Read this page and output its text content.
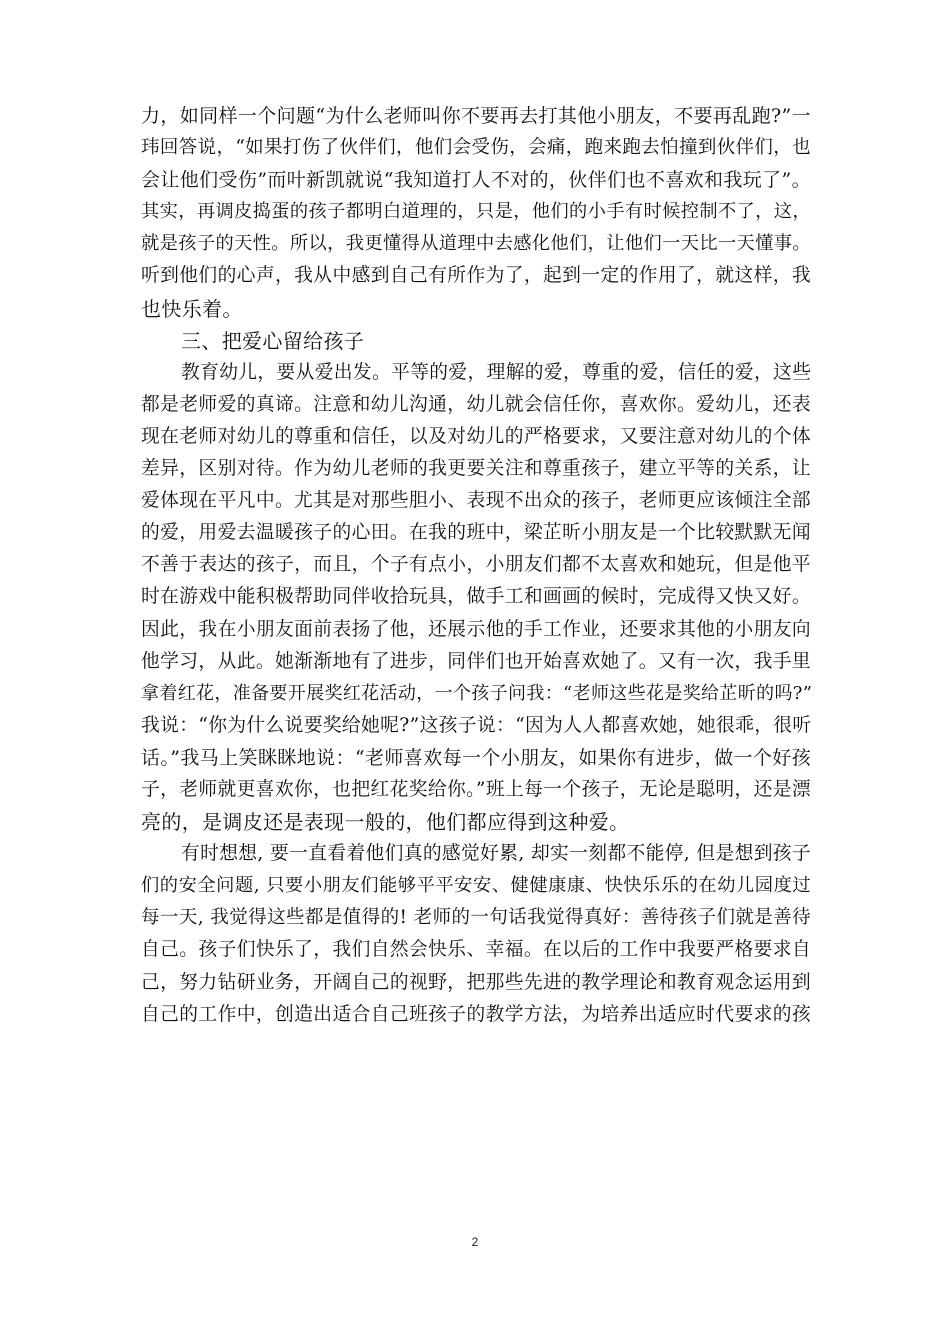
力，如同样一个问题“为什么老师叫你不要再去打其他小朋友，不要再乱跑?”一
玮回答说，“如果打伤了伙伴们，他们会受伤，会痛，跑来跑去怕撞到伙伴们，也
会让他们受伤”而叶新凯就说“我知道打人不对的，伙伴们也不喜欢和我玩了”。
其实，再调皮捣蛋的孩子都明白道理的，只是，他们的小手有时候控制不了，这，
就是孩子的天性。所以，我更懂得从道理中去感化他们，让他们一天比一天懂事。
听到他们的心声，我从中感到自己有所作为了，起到一定的作用了，就这样，我
也快乐着。
三、把爱心留给孩子
教育幼儿，要从爱出发。平等的爱，理解的爱，尊重的爱，信任的爱，这些
都是老师爱的真谛。注意和幼儿沟通，幼儿就会信任你，喜欢你。爱幼儿，还表
现在老师对幼儿的尊重和信任，以及对幼儿的严格要求，又要注意对幼儿的个体
差异，区别对待。作为幼儿老师的我更要关注和尊重孩子，建立平等的关系，让
爱体现在平凡中。尤其是对那些胆小、表现不出众的孩子，老师更应该倾注全部
的爱，用爱去温暖孩子的心田。在我的班中，梁芷昕小朋友是一个比较默默无闻
不善于表达的孩子，而且，个子有点小，小朋友们都不太喜欢和她玩，但是他平
时在游戏中能积极帮助同伴收拾玩具，做手工和画画的候时，完成得又快又好。
因此，我在小朋友面前表扬了他，还展示他的手工作业，还要求其他的小朋友向
他学习，从此。她渐渐地有了进步，同伴们也开始喜欢她了。又有一次，我手里
拿着红花，准备要开展奖红花活动，一个孩子问我：“老师这些花是奖给芷昕的吗?”
我说：“你为什么说要奖给她呢?”这孩子说：“因为人人都喜欢她，她很乖，很听
话。”我马上笑眯眯地说：“老师喜欢每一个小朋友，如果你有进步，做一个好孩
子，老师就更喜欢你，也把红花奖给你。”班上每一个孩子，无论是聪明，还是漂
亮的，是调皮还是表现一般的，他们都应得到这种爱。
有时想想, 要一直看着他们真的感觉好累, 却实一刻都不能停, 但是想到孩子
们的安全问题, 只要小朋友们能够平平安安、健健康康、快快乐乐的在幼儿园度过
每一天, 我觉得这些都是值得的! 老师的一句话我觉得真好：善待孩子们就是善待
自己。孩子们快乐了，我们自然会快乐、幸福。在以后的工作中我要严格要求自
己，努力钻研业务，开阔自己的视野，把那些先进的教学理论和教育观念运用到
自己的工作中，创造出适合自己班孩子的教学方法，为培养出适应时代要求的孩
2
